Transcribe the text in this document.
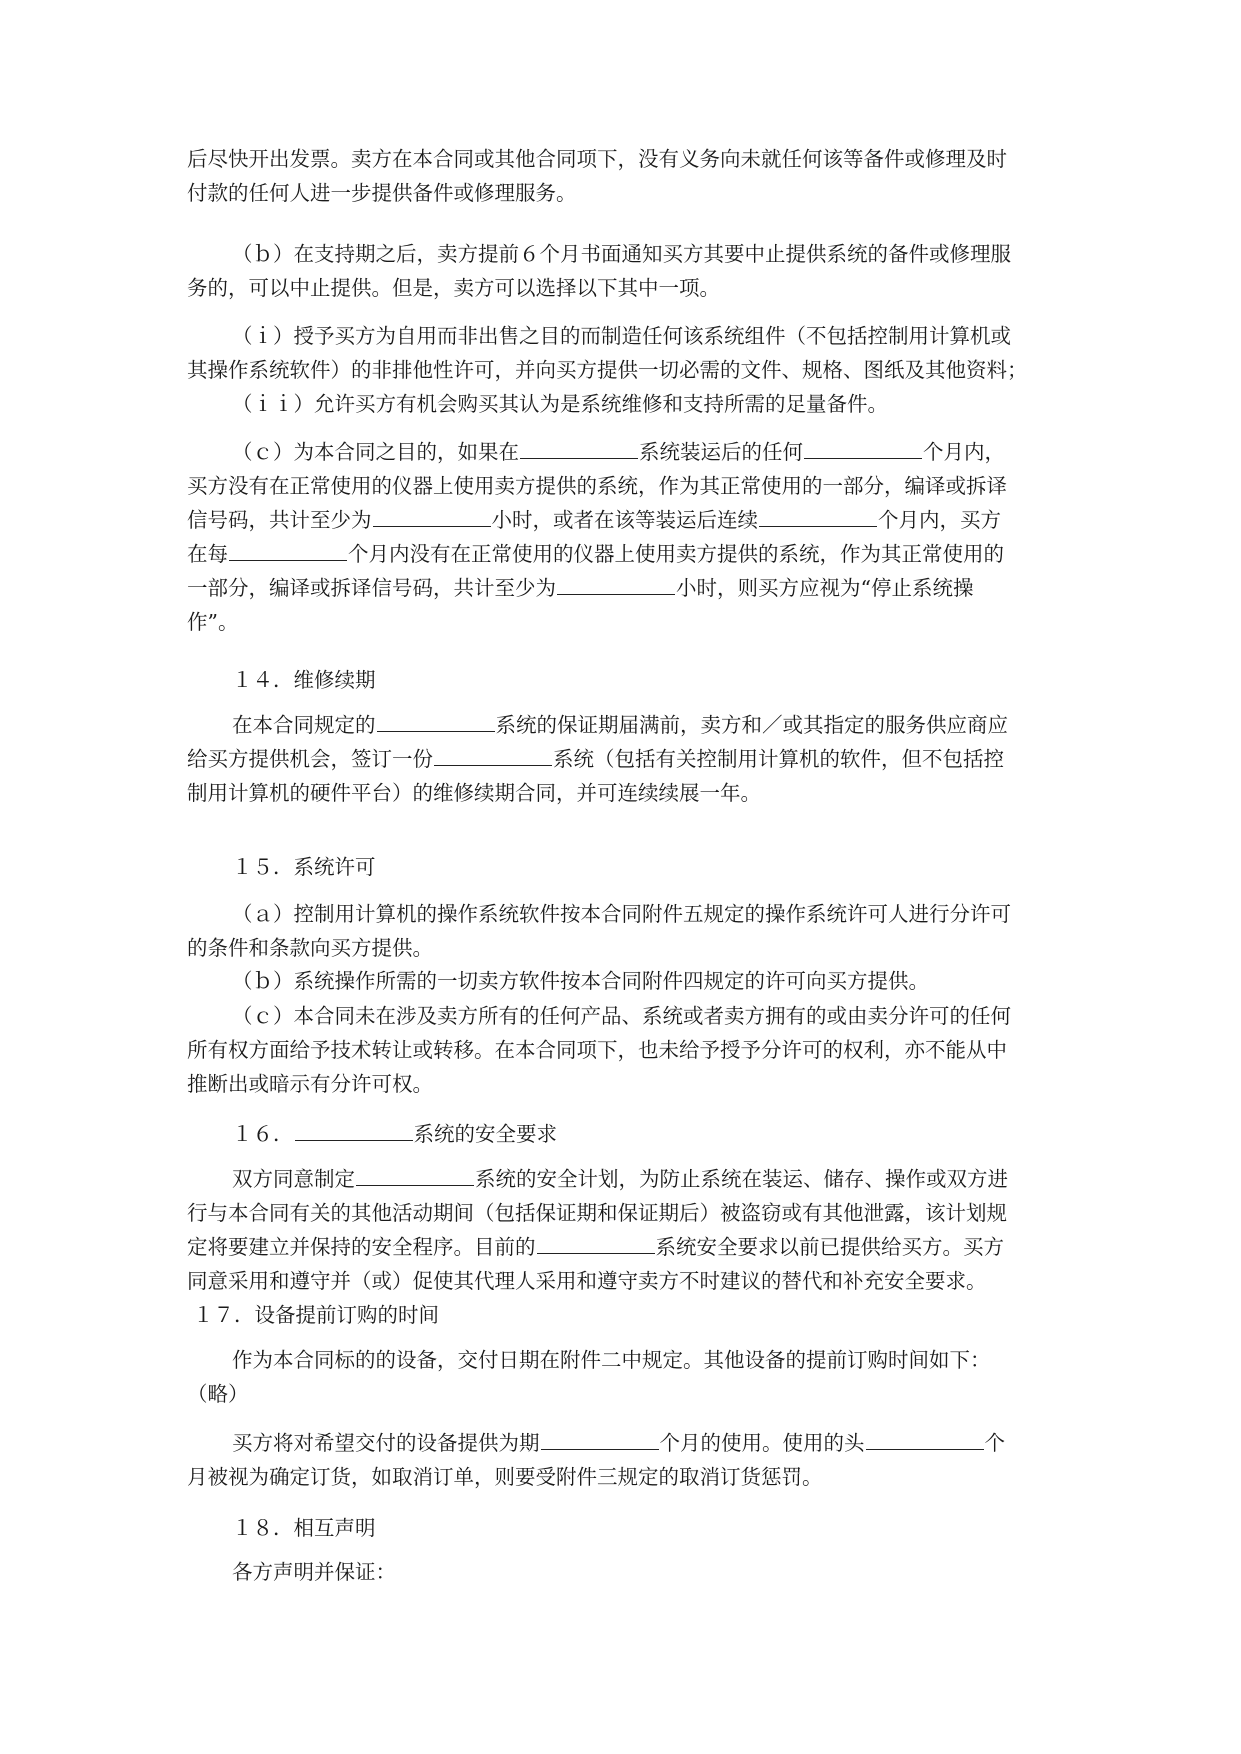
后尽快开出发票。卖方在本合同或其他合同项下，没有义务向未就任何该等备件或修理及时
付款的任何人进一步提供备件或修理服务。

（ｂ）在支持期之后，卖方提前６个月书面通知买方其要中止提供系统的备件或修理服
务的，可以中止提供。但是，卖方可以选择以下其中一项。

（ｉ）授予买方为自用而非出售之目的而制造任何该系统组件（不包括控制用计算机或
其操作系统软件）的非排他性许可，并向买方提供一切必需的文件、规格、图纸及其他资料；

（ｉｉ）允许买方有机会购买其认为是系统维修和支持所需的足量备件。

（ｃ）为本合同之目的，如果在	系统装运后的任何	个月内，
买方没有在正常使用的仪器上使用卖方提供的系统，作为其正常使用的一部分，编译或拆译
信号码，共计至少为	小时，或者在该等装运后连续	个月内，买方
在每	个月内没有在正常使用的仪器上使用卖方提供的系统，作为其正常使用的
一部分，编译或拆译信号码，共计至少为	小时，则买方应视为“停止系统操
作”。

１４．维修续期

在本合同规定的	系统的保证期届满前，卖方和／或其指定的服务供应商应
给买方提供机会，签订一份	系统（包括有关控制用计算机的软件，但不包括控
制用计算机的硬件平台）的维修续期合同，并可连续续展一年。

１５．系统许可

（ａ）控制用计算机的操作系统软件按本合同附件五规定的操作系统许可人进行分许可
的条件和条款向买方提供。

（ｂ）系统操作所需的一切卖方软件按本合同附件四规定的许可向买方提供。

（ｃ）本合同未在涉及卖方所有的任何产品、系统或者卖方拥有的或由卖分许可的任何
所有权方面给予技术转让或转移。在本合同项下，也未给予授予分许可的权利，亦不能从中
推断出或暗示有分许可权。

１６．	系统的安全要求

双方同意制定	系统的安全计划，为防止系统在装运、储存、操作或双方进
行与本合同有关的其他活动期间（包括保证期和保证期后）被盗窃或有其他泄露，该计划规
定将要建立并保持的安全程序。目前的	系统安全要求以前已提供给买方。买方
同意采用和遵守并（或）促使其代理人采用和遵守卖方不时建议的替代和补充安全要求。

１７．设备提前订购的时间

作为本合同标的的设备，交付日期在附件二中规定。其他设备的提前订购时间如下：
（略）

买方将对希望交付的设备提供为期	个月的使用。使用的头	个
月被视为确定订货，如取消订单，则要受附件三规定的取消订货惩罚。

１８．相互声明

各方声明并保证：
